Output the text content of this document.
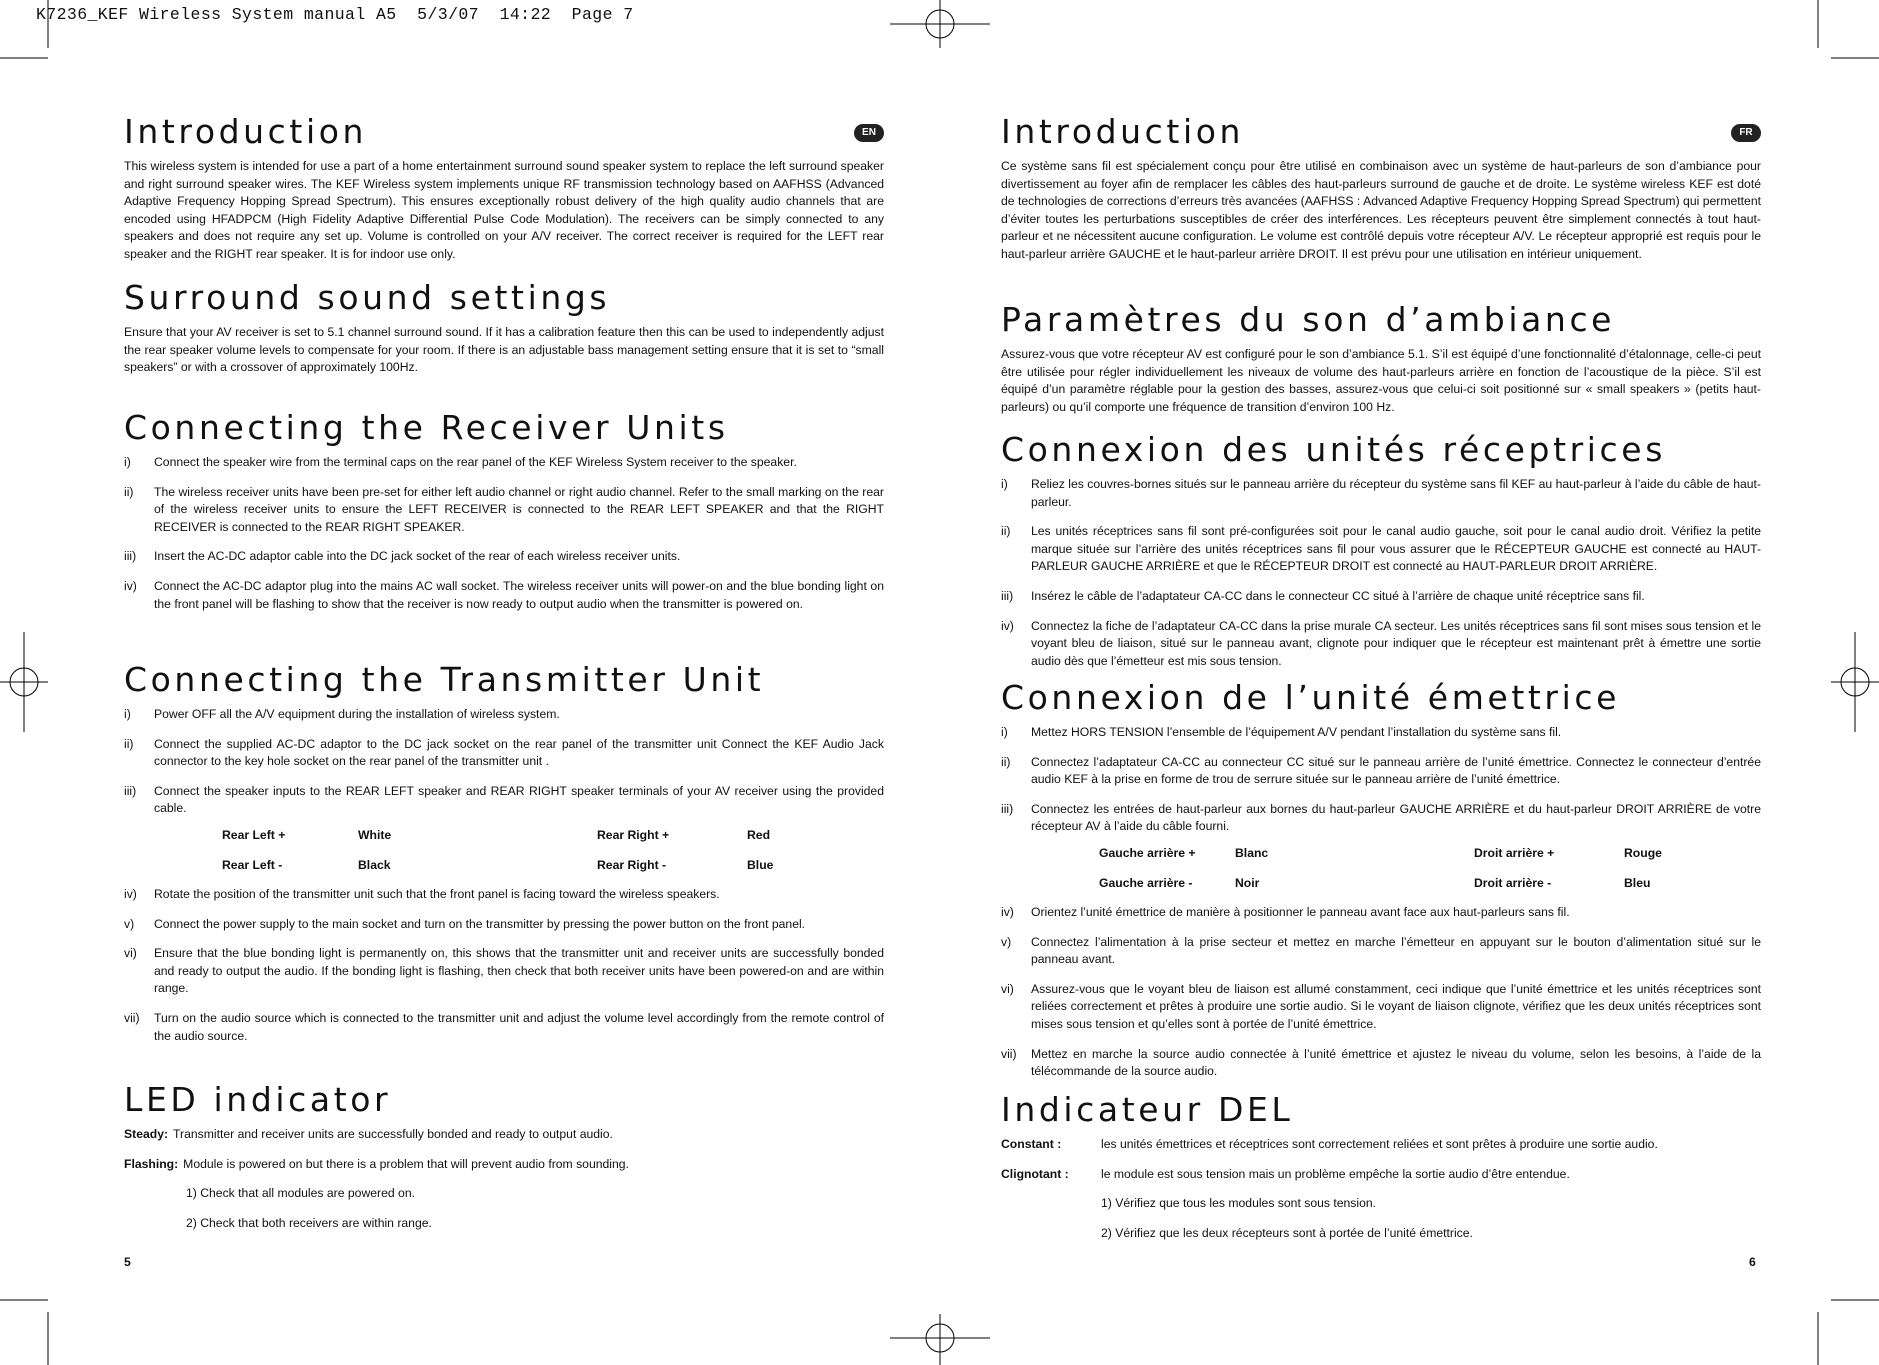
K7236_KEF Wireless System manual A5  5/3/07  14:22  Page 7
EN
Introduction

This wireless system is intended for use a part of a home entertainment surround sound speaker system to replace the left surround speaker and right surround speaker wires. The KEF Wireless system implements unique RF transmission technology based on AAFHSS (Advanced Adaptive Frequency Hopping Spread Spectrum). This ensures exceptionally robust delivery of the high quality audio channels that are encoded using HFADPCM (High Fidelity Adaptive Differential Pulse Code Modulation). The receivers can be simply connected to any speakers and does not require any set up. Volume is controlled on your A/V receiver. The correct receiver is required for the LEFT rear speaker and the RIGHT rear speaker. It is for indoor use only.

Surround sound settings

Ensure that your AV receiver is set to 5.1 channel surround sound. If it has a calibration feature then this can be used to independently adjust the rear speaker volume levels to compensate for your room. If there is an adjustable bass management setting ensure that it is set to “small speakers” or with a crossover of approximately 100Hz.

Connecting the Receiver Units
i) Connect the speaker wire from the terminal caps on the rear panel of the KEF Wireless System receiver to the speaker.
ii) The wireless receiver units have been pre-set for either left audio channel or right audio channel. Refer to the small marking on the rear of the wireless receiver units to ensure the LEFT RECEIVER is connected to the REAR LEFT SPEAKER and that the RIGHT RECEIVER is connected to the REAR RIGHT SPEAKER.
iii) Insert the AC-DC adaptor cable into the DC jack socket of the rear of each wireless receiver units.
iv) Connect the AC-DC adaptor plug into the mains AC wall socket. The wireless receiver units will power-on and the blue bonding light on the front panel will be flashing to show that the receiver is now ready to output audio when the transmitter is powered on.
Connecting the Transmitter Unit
i) Power OFF all the A/V equipment during the installation of wireless system.
ii) Connect the supplied AC-DC adaptor to the DC jack socket on the rear panel of the transmitter unit Connect the KEF Audio Jack connector to the key hole socket on the rear panel of the transmitter unit .
iii) Connect the speaker inputs to the REAR LEFT speaker and REAR RIGHT speaker terminals of your AV receiver using the provided cable.
	Rear Left +	White	Rear Right +	Red
	Rear Left -	Black	Rear Right -	Blue
iv) Rotate the position of the transmitter unit such that the front panel is facing toward the wireless speakers.
v) Connect the power supply to the main socket and turn on the transmitter by pressing the power button on the front panel.
vi) Ensure that the blue bonding light is permanently on, this shows that the transmitter unit and receiver units are successfully bonded and ready to output the audio. If the bonding light is flashing, then check that both receiver units have been powered-on and are within range.
vii) Turn on the audio source which is connected to the transmitter unit and adjust the volume level accordingly from the remote control of the audio source.
LED indicator
Steady: Transmitter and receiver units are successfully bonded and ready to output audio.
Flashing: Module is powered on but there is a problem that will prevent audio from sounding.
1) Check that all modules are powered on.
2) Check that both receivers are within range.
5
FR
Introduction

Ce système sans fil est spécialement conçu pour être utilisé en combinaison avec un système de haut-parleurs de son d’ambiance pour divertissement au foyer afin de remplacer les câbles des haut-parleurs surround de gauche et de droite. Le système wireless KEF est doté de technologies de corrections d’erreurs très avancées (AAFHSS : Advanced Adaptive Frequency Hopping Spread Spectrum) qui permettent d’éviter toutes les perturbations susceptibles de créer des interférences. Les récepteurs peuvent être simplement connectés à tout haut-parleur et ne nécessitent aucune configuration. Le volume est contrôlé depuis votre récepteur A/V. Le récepteur approprié est requis pour le haut-parleur arrière GAUCHE et le haut-parleur arrière DROIT. Il est prévu pour une utilisation en intérieur uniquement.

Paramètres du son d’ambiance

Assurez-vous que votre récepteur AV est configuré pour le son d’ambiance 5.1. S’il est équipé d’une fonctionnalité d’étalonnage, celle-ci peut être utilisée pour régler individuellement les niveaux de volume des haut-parleurs arrière en fonction de l’acoustique de la pièce. S’il est équipé d’un paramètre réglable pour la gestion des basses, assurez-vous que celui-ci soit positionné sur « small speakers » (petits haut-parleurs) ou qu’il comporte une fréquence de transition d’environ 100 Hz.

Connexion des unités réceptrices
i) Reliez les couvres-bornes situés sur le panneau arrière du récepteur du système sans fil KEF au haut-parleur à l’aide du câble de haut-parleur.
ii) Les unités réceptrices sans fil sont pré-configurées soit pour le canal audio gauche, soit pour le canal audio droit. Vérifiez la petite marque située sur l’arrière des unités réceptrices sans fil pour vous assurer que le RÉCEPTEUR GAUCHE est connecté au HAUT-PARLEUR GAUCHE ARRIÈRE et que le RÉCEPTEUR DROIT est connecté au HAUT-PARLEUR DROIT ARRIÈRE.
iii) Insérez le câble de l’adaptateur CA-CC dans le connecteur CC situé à l’arrière de chaque unité réceptrice sans fil.
iv) Connectez la fiche de l’adaptateur CA-CC dans la prise murale CA secteur. Les unités réceptrices sans fil sont mises sous tension et le voyant bleu de liaison, situé sur le panneau avant, clignote pour indiquer que le récepteur est maintenant prêt à émettre une sortie audio dès que l’émetteur est mis sous tension.
Connexion de l’unité émettrice
i) Mettez HORS TENSION l’ensemble de l’équipement A/V pendant l’installation du système sans fil.
ii) Connectez l’adaptateur CA-CC au connecteur CC situé sur le panneau arrière de l’unité émettrice. Connectez le connecteur d’entrée audio KEF à la prise en forme de trou de serrure située sur le panneau arrière de l’unité émettrice.
iii) Connectez les entrées de haut-parleur aux bornes du haut-parleur GAUCHE ARRIÈRE et du haut-parleur DROIT ARRIÈRE de votre récepteur AV à l’aide du câble fourni.
	Gauche arrière +	Blanc	Droit arrière +	Rouge
	Gauche arrière -	Noir	Droit arrière -	Bleu
iv) Orientez l’unité émettrice de manière à positionner le panneau avant face aux haut-parleurs sans fil.
v) Connectez l’alimentation à la prise secteur et mettez en marche l’émetteur en appuyant sur le bouton d’alimentation situé sur le panneau avant.
vi) Assurez-vous que le voyant bleu de liaison est allumé constamment, ceci indique que l’unité émettrice et les unités réceptrices sont reliées correctement et prêtes à produire une sortie audio. Si le voyant de liaison clignote, vérifiez que les deux unités réceptrices sont mises sous tension et qu’elles sont à portée de l’unité émettrice.
vii) Mettez en marche la source audio connectée à l’unité émettrice et ajustez le niveau du volume, selon les besoins, à l’aide de la télécommande de la source audio.
Indicateur DEL
Constant :	les unités émettrices et réceptrices sont correctement reliées et sont prêtes à produire une sortie audio.
Clignotant :	le module est sous tension mais un problème empêche la sortie audio d’être entendue.
1) Vérifiez que tous les modules sont sous tension.
2) Vérifiez que les deux récepteurs sont à portée de l’unité émettrice.
6
